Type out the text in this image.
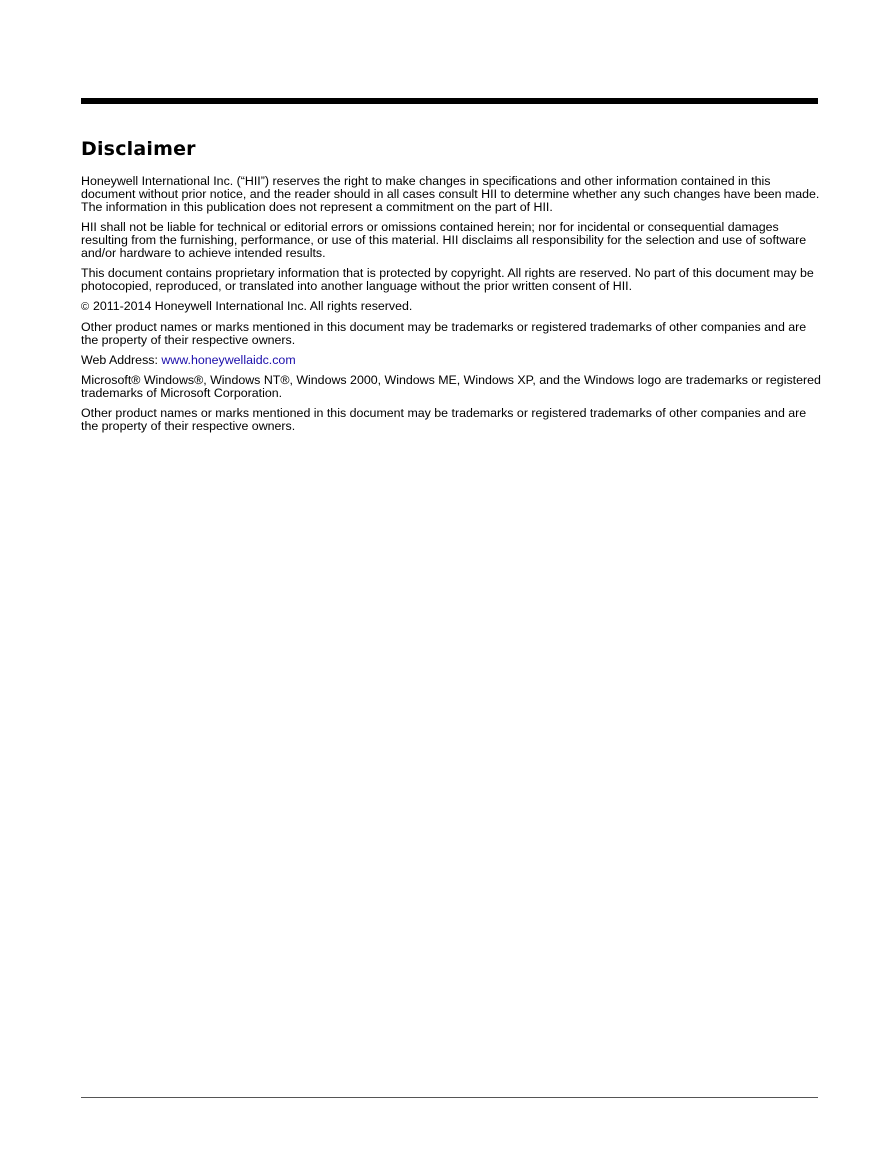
Disclaimer

Honeywell International Inc. (“HII”) reserves the right to make changes in specifications and other information contained in this document without prior notice, and the reader should in all cases consult HII to determine whether any such changes have been made. The information in this publication does not represent a commitment on the part of HII.

HII shall not be liable for technical or editorial errors or omissions contained herein; nor for incidental or consequential damages resulting from the furnishing, performance, or use of this material. HII disclaims all responsibility for the selection and use of software and/or hardware to achieve intended results.

This document contains proprietary information that is protected by copyright. All rights are reserved. No part of this document may be photocopied, reproduced, or translated into another language without the prior written consent of HII.

© 2011-2014 Honeywell International Inc. All rights reserved.

Other product names or marks mentioned in this document may be trademarks or registered trademarks of other companies and are the property of their respective owners.

Web Address: www.honeywellaidc.com

Microsoft® Windows®, Windows NT®, Windows 2000, Windows ME, Windows XP, and the Windows logo are trademarks or registered trademarks of Microsoft Corporation.

Other product names or marks mentioned in this document may be trademarks or registered trademarks of other companies and are the property of their respective owners.
